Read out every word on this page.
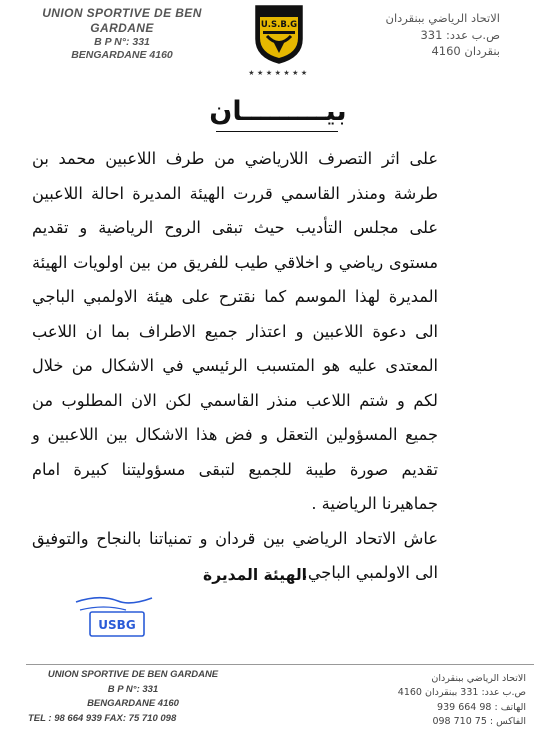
UNION SPORTIVE DE BEN GARDANE
B P N°: 331
BENGARDANE 4160
U.S.B.G
★★★★★★★
الاتحاد الرياضي ببنقردان
ص.ب عدد: 331
بنقردان 4160
بيـــــــــان

على اثر التصرف اللارياضي من طرف اللاعبين محمد بن طرشة ومنذر القاسمي قررت الهيئة المديرة احالة اللاعبين على مجلس التأديب حيث تبقى الروح الرياضية و تقديم مستوى رياضي و اخلاقي طيب للفريق من بين اولويات الهيئة المديرة لهذا الموسم كما نقترح على هيئة الاولمبي الباجي الى دعوة اللاعبين و اعتذار جميع الاطراف بما ان اللاعب المعتدى عليه هو المتسبب الرئيسي في الاشكال من خلال لكم و شتم اللاعب منذر القاسمي لكن الان المطلوب من جميع المسؤولين التعقل و فض هذا الاشكال بين اللاعبين و تقديم صورة طيبة للجميع لتبقى مسؤوليتنا كبيرة امام جماهيرنا الرياضية .

عاش الاتحاد الرياضي بين قردان و تمنياتنا بالنجاح والتوفيق الى الاولمبي الباجي.

الهيئة المديرة
USBG
UNION SPORTIVE DE BEN GARDANE
B P N°: 331
BENGARDANE 4160
TEL : 98 664 939 FAX: 75 710 098
الاتحاد الرياضي ببنقردان
ص.ب عدد: 331 ببنقردان 4160
الهاتف : 98 664 939
الفاكس : 75 710 098
